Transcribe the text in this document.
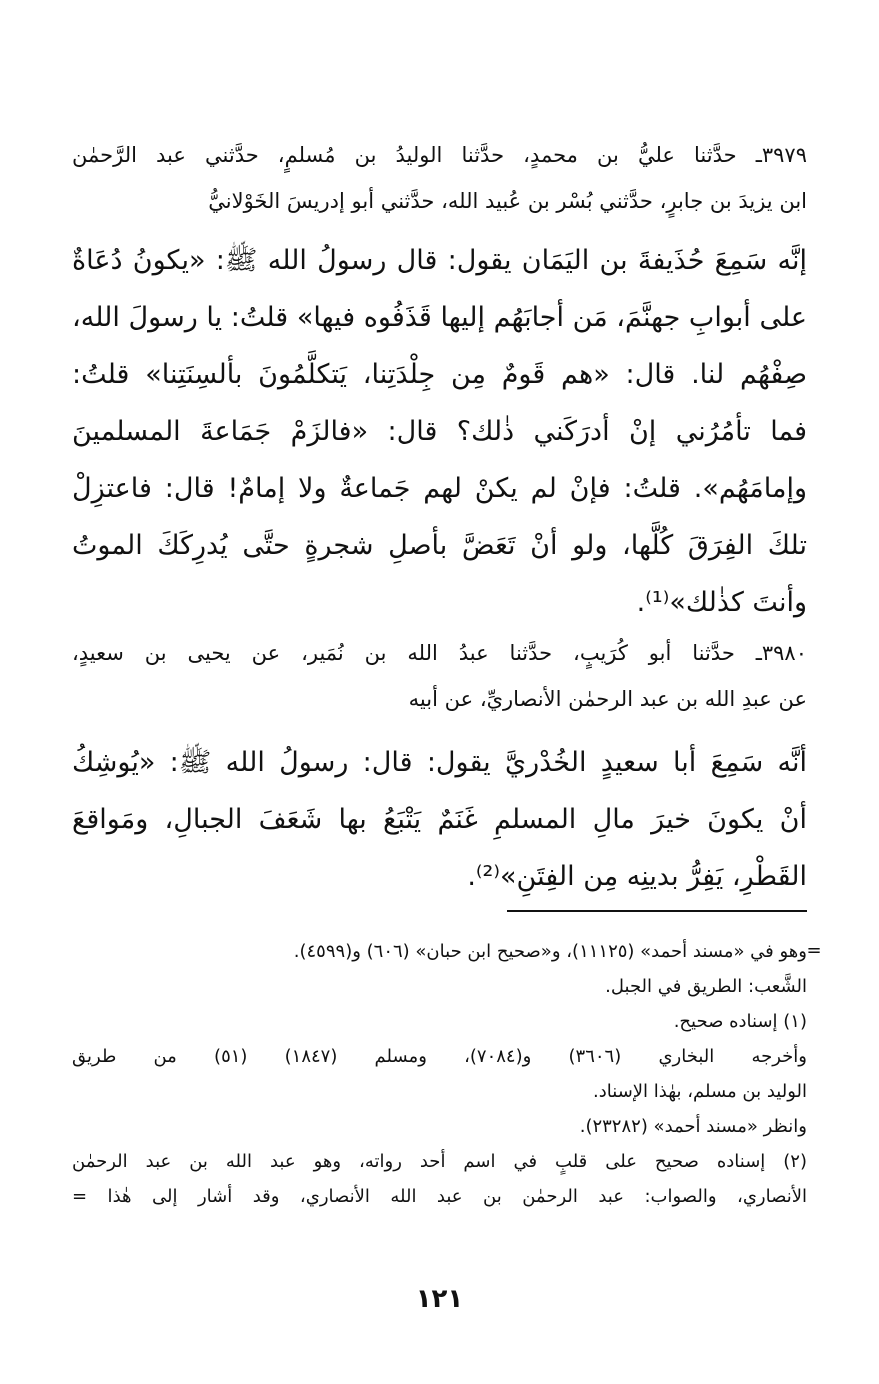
٣٩٧٩ـ حدَّثنا عليُّ بن محمدٍ، حدَّثنا الوليدُ بن مُسلمٍ، حدَّثني عبد الرَّحمٰن
ابن يزيدَ بن جابرٍ، حدَّثني بُسْر بن عُبيد الله، حدَّثني أبو إدريسَ الخَوْلانيُّ
إنَّه سَمِعَ حُذَيفةَ بن اليَمَان يقول: قال رسولُ الله ﷺ: «يكونُ دُعَاةٌ
على أبوابِ جهنَّمَ، مَن أجابَهُم إليها قَذَفُوه فيها» قلتُ: يا رسولَ الله،
صِفْهُم لنا. قال: «هم قَومٌ مِن جِلْدَتِنا، يَتكلَّمُونَ بألسِنَتِنا» قلتُ:
فما تأمُرُني إنْ أدرَكَني ذٰلك؟ قال: «فالزَمْ جَمَاعةَ المسلمينَ
وإمامَهُم». قلتُ: فإنْ لم يكنْ لهم جَماعةٌ ولا إمامٌ! قال: فاعتزِلْ
تلكَ الفِرَقَ كُلَّها، ولو أنْ تَعَضَّ بأصلِ شجرةٍ حتَّى يُدرِكَكَ الموتُ
وأنتَ كذٰلك»⁽¹⁾.
٣٩٨٠ـ حدَّثنا أبو كُرَيبٍ، حدَّثنا عبدُ الله بن نُمَير، عن يحيى بن سعيدٍ،
عن عبدِ الله بن عبد الرحمٰن الأنصاريِّ، عن أبيه
أنَّه سَمِعَ أبا سعيدٍ الخُدْريَّ يقول: قال: رسولُ الله ﷺ: «يُوشِكُ
أنْ يكونَ خيرَ مالِ المسلمِ غَنَمٌ يَتْبَعُ بها شَعَفَ الجبالِ، ومَواقعَ
القَطْرِ، يَفِرُّ بدينِه مِن الفِتَنِ»⁽²⁾.
=
وهو في «مسند أحمد» (١١١٢٥)، و«صحيح ابن حبان» (٦٠٦) و(٤٥٩٩).
الشَّعب: الطريق في الجبل.
(١) إسناده صحيح.
وأخرجه البخاري (٣٦٠٦) و(٧٠٨٤)، ومسلم (١٨٤٧) (٥١) من طريق
الوليد بن مسلم، بهٰذا الإسناد.
وانظر «مسند أحمد» (٢٣٢٨٢).
(٢) إسناده صحيح على قلبٍ في اسم أحد رواته، وهو عبد الله بن عبد الرحمٰن
الأنصاري، والصواب: عبد الرحمٰن بن عبد الله الأنصاري، وقد أشار إلى هٰذا =
١٢١
